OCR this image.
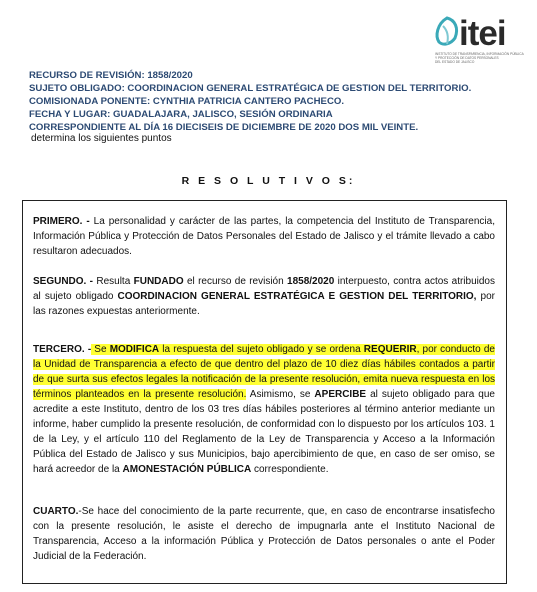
itei
INSTITUTO DE TRANSPARENCIA, INFORMACIÓN PÚBLICA
Y PROTECCIÓN DE DATOS PERSONALES
DEL ESTADO DE JALISCO
RECURSO DE REVISIÓN: 1858/2020
SUJETO OBLIGADO: COORDINACION GENERAL ESTRATÉGICA DE GESTION DEL TERRITORIO.
COMISIONADA PONENTE: CYNTHIA PATRICIA CANTERO PACHECO.
FECHA Y LUGAR: GUADALAJARA, JALISCO, SESIÓN ORDINARIA
CORRESPONDIENTE AL DÍA 16 DIECISEIS DE DICIEMBRE DE 2020 DOS MIL VEINTE.
determina los siguientes puntos
R E S O L U T I V O S:
PRIMERO. - La personalidad y carácter de las partes, la competencia del Instituto de Transparencia, Información Pública y Protección de Datos Personales del Estado de Jalisco y el trámite llevado a cabo resultaron adecuados.
SEGUNDO. - Resulta FUNDADO el recurso de revisión 1858/2020 interpuesto, contra actos atribuidos al sujeto obligado COORDINACION GENERAL ESTRATÉGICA E GESTION DEL TERRITORIO, por las razones expuestas anteriormente.
TERCERO. - Se MODIFICA la respuesta del sujeto obligado y se ordena REQUERIR, por conducto de la Unidad de Transparencia a efecto de que dentro del plazo de 10 diez días hábiles contados a partir de que surta sus efectos legales la notificación de la presente resolución, emita nueva respuesta en los términos planteados en la presente resolución. Asimismo, se APERCIBE al sujeto obligado para que acredite a este Instituto, dentro de los 03 tres días hábiles posteriores al término anterior mediante un informe, haber cumplido la presente resolución, de conformidad con lo dispuesto por los artículos 103. 1 de la Ley, y el artículo 110 del Reglamento de la Ley de Transparencia y Acceso a la Información Pública del Estado de Jalisco y sus Municipios, bajo apercibimiento de que, en caso de ser omiso, se hará acreedor de la AMONESTACIÓN PÚBLICA correspondiente.
CUARTO.-Se hace del conocimiento de la parte recurrente, que, en caso de encontrarse insatisfecho con la presente resolución, le asiste el derecho de impugnarla ante el Instituto Nacional de Transparencia, Acceso a la información Pública y Protección de Datos personales o ante el Poder Judicial de la Federación.
